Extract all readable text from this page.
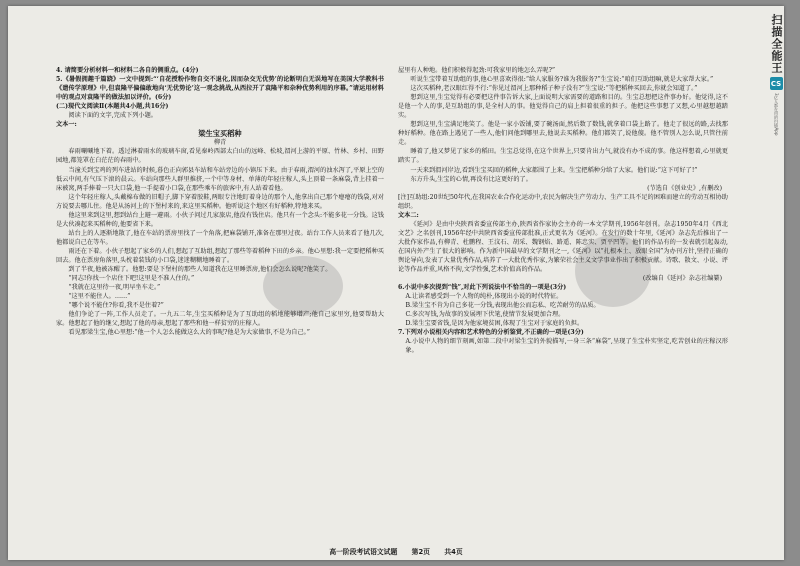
扫描全能王
CS
3亿人都在用的扫描App

4. 请简要分析材料一和材料二各自的侧重点。(4分)

5.《暑假拥趣千篇跷》一文中提到:“‘自花授粉作物自交不退化,因而杂交无优势’的论断明白无误地写在美国大学教科书《遗传学原理》中,但袁隆平偏偏敢地向‘无优势论’这一观念挑战,从西拉开了袁隆平和杂种优势利用的序幕。”请运用材料中的观点对袁隆平的做法加以评价。(6分)

(二)现代文阅读Ⅱ(本题共4小题,共16分)

阅读下面的文字,完成下列小题。

文本一:

梁生宝买稻种

柳青

春雨唰唰地下着。透过淋着雨水的玻璃车窗,看见秦岭西部太白山的远峰、松坡,渭河上游的平原、竹林、乡村、田野园地,都笼罩在白茫茫的春雨中。

当潼关到宝鸡的列车进站的时候,暮色正向郭县车站和车站旁边的小镇压下来。由于春雨,渭河的浊水泻了,平原上空的低云中间,有气压下滚的晨云。车站向那些人群里推挤,一个中等身材、单薄的年轻庄稼人,头上顶着一条麻袋,背上挂着一床被窝,两手捧着一只大口袋,他一手提着小口袋,在那些乘车的旅客中,有人站着看他。

这个年轻庄稼人,头戴棉布做的旧帽子,脚下穿着胶鞋,两眼专注地盯着身边的那个人,他拿出自己那个瘪瘪的钱袋,对对方说要去哪儿住。他是从汤河上的下堡村来的,来这里买稻种。他听说这个地区有好稻种,特地来买。

他这里来到这里,想到站台上避一避雨。小伙子问过几家旅店,他没有钱住店。他只有一个念头:不能多花一分钱。这钱是大伙凑起来买稻种的,他要省下来。

站台上的人逐渐地散了,他在车站的票房里找了一个角落,把麻袋铺开,准备在那里过夜。站台工作人员来看了他几次,他都说自己在等车。

雨还在下着。小伙子想起了家乡的人们,想起了互助组,想起了那些等着稻种下田的乡亲。他心里想:我一定要把稻种买回去。他在票房角落里,头枕着装钱的小口袋,迷迷糊糊地睡着了。

到了半夜,他被冻醒了。他想:要是下堡村的那些人知道我在这里睡票房,他们会怎么说呢?他笑了。

“同志!你找一个店住下吧!这里是不准人住的。”

“我就在这里待一夜,明早坐车走。”

“这里不能住人。……”

“哪个说不能住?你看,我不是住着?”

他们争论了一阵,工作人员走了。一九五二年,生宝买稻种是为了互助组的稻地能够增产;他自己家里穷,他要帮助大家。他想起了他的继父,想起了他的母亲,想起了那些和他一样贫穷的庄稼人。

看见那梁生宝,他心里想:“他一个人怎么能做这么大的事呢?他是为大家做事,不是为自己。”

屋里有人种地。他们积极得起劲:可我家里的地怎么弄呢?”

听说生宝带着互助组的事,他心里喜欢得很:“给人家服务?谁为我服务?”生宝说:“咱们互助组嘛,就是大家帮大家。”

这次买稻种,老汉眼红得不行:“你见过渭河上那种稻子种子没有?”生宝说:“等把稻种买回去,你就会知道了。”

想到这里,生宝觉得有必要把这件事告诉大家,上面说明大家需要的道路和目的。生宝总想把这件事办好。他觉得,这不是他一个人的事,是互助组的事,是全村人的事。他觉得自己的肩上担着很重的担子。他把这些事想了又想,心里越想越踏实。

想到这里,生宝满足地笑了。他是一家小饭铺,要了碗汤面,然后数了数钱,就拿着口袋上路了。他走了很远的路,去找那种好稻种。他在路上遇见了一些人,他们问他到哪里去,他说去买稻种。他们都笑了,说他傻。他不管别人怎么说,只管往前走。

睡着了,他又梦见了家乡的稻田。生宝总觉得,在这个世界上,只要肯出力气,就没有办不成的事。他这样想着,心里就更踏实了。

一天来到渭河岸边,看到生宝买回的稻种,大家都围了上来。生宝把稻种分给了大家。他们说:“这下可好了!”

东方升头,生宝的心情,再没有比这更好的了。

(节选自《创业史》,有删改)

[注]互助组:20世纪50年代,在我国农业合作化运动中,农民为解决生产劳动力、生产工具不足的困难而建立的劳动互相协助组织。

文本二:

《延河》是由中央陕西省委宣传部主办,陕西省作家协会主办的一本文学期刊,1956年创刊。杂志1950年4月《西北文艺》之名创刊,1956年经中共陕西省委宣传部批准,正式更名为《延河》。在发行的数十年里,《延河》杂志先后推出了一大批作家作品,有柳青、杜鹏程、王汶石、胡采、魏钢焰、路遥、陈忠实、贾平凹等。他们的作品有的一发表就引起轰动,在国内外产生了很大的影响。作为新中国最早的文学期刊之一,《延河》以“扎根本土、放眼全国”为办刊方针,坚持正确的舆论导向,发表了大量优秀作品,培养了一大批优秀作家,为繁荣社会主义文学事业作出了积极贡献。诗歌、散文、小说、评论等作品并重,风格不拘,文学性强,艺术价值高的作品。

(改编自《延河》杂志社编纂)

6.小说中多次提到“钱”,对此下列说法中不恰当的一项是(3分)

A.让读者感受到一个人物的纯朴,体现出小说的时代特征。

B.梁生宝不肯为自己多花一分钱,表现出他公而忘私、吃苦耐劳的品质。

C.多次写钱,为故事的发展埋下伏笔,使情节发展更加合理。

D.梁生宝要省钱,是因为他家境贫困,体现了生宝对于家庭的负担。

7.下列对小说相关内容和艺术特色的分析鉴赏,不正确的一项是(3分)

A.小说中人物的细节刻画,如第二段中对梁生宝的外貌描写,一身三条“麻袋”,呈现了生宝朴实坚定,吃苦创业的庄稼汉形象。

高一阶段考试语文试题 第2页 共4页
